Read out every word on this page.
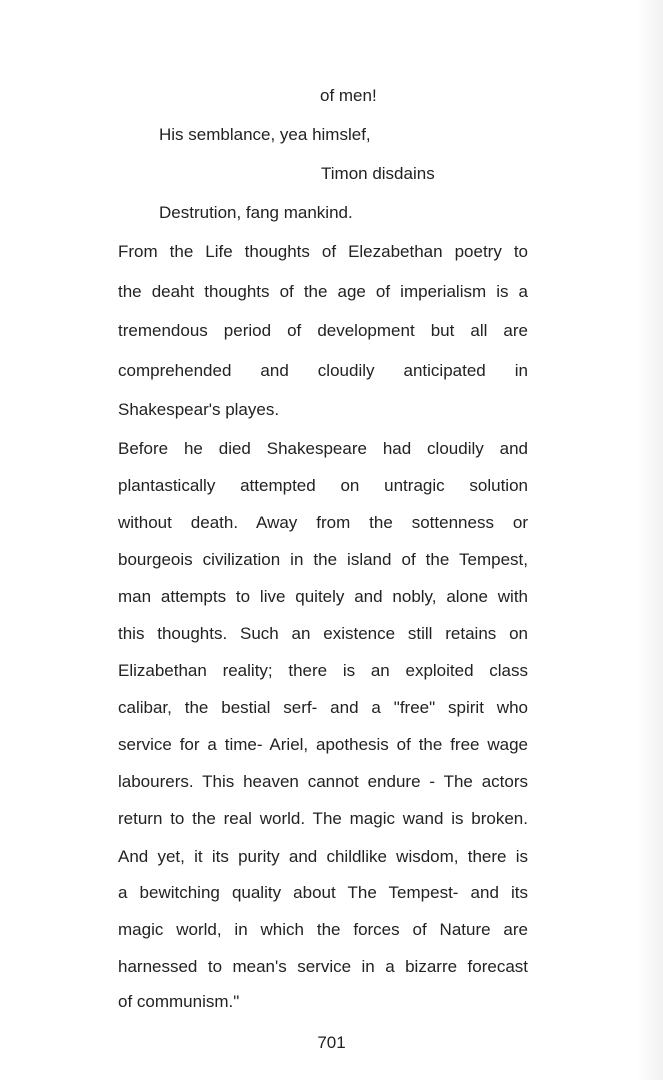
of men!

His semblance, yea himslef,

Timon disdains

Destrution, fang mankind.

From the Life thoughts of Elezabethan poetry to

the deaht thoughts of the age of imperialism is a

tremendous period of development but all are

comprehended and cloudily anticipated in

Shakespear's playes.

Before he died Shakespeare had cloudily and

plantastically attempted on untragic solution

without death. Away from the sottenness or

bourgeois civilization in the island of the Tempest,

man attempts to live quitely and nobly, alone with

this thoughts. Such an existence still retains on

Elizabethan reality; there is an exploited class

calibar, the bestial serf- and a "free" spirit who

service for a time- Ariel, apothesis of the free wage

labourers. This heaven cannot endure - The actors

return to the real world. The magic wand is broken.

And yet, it its purity and childlike wisdom, there is

a bewitching quality about The Tempest- and its

magic world, in which the forces of Nature are

harnessed to mean's service in a bizarre forecast

of communism."

701
